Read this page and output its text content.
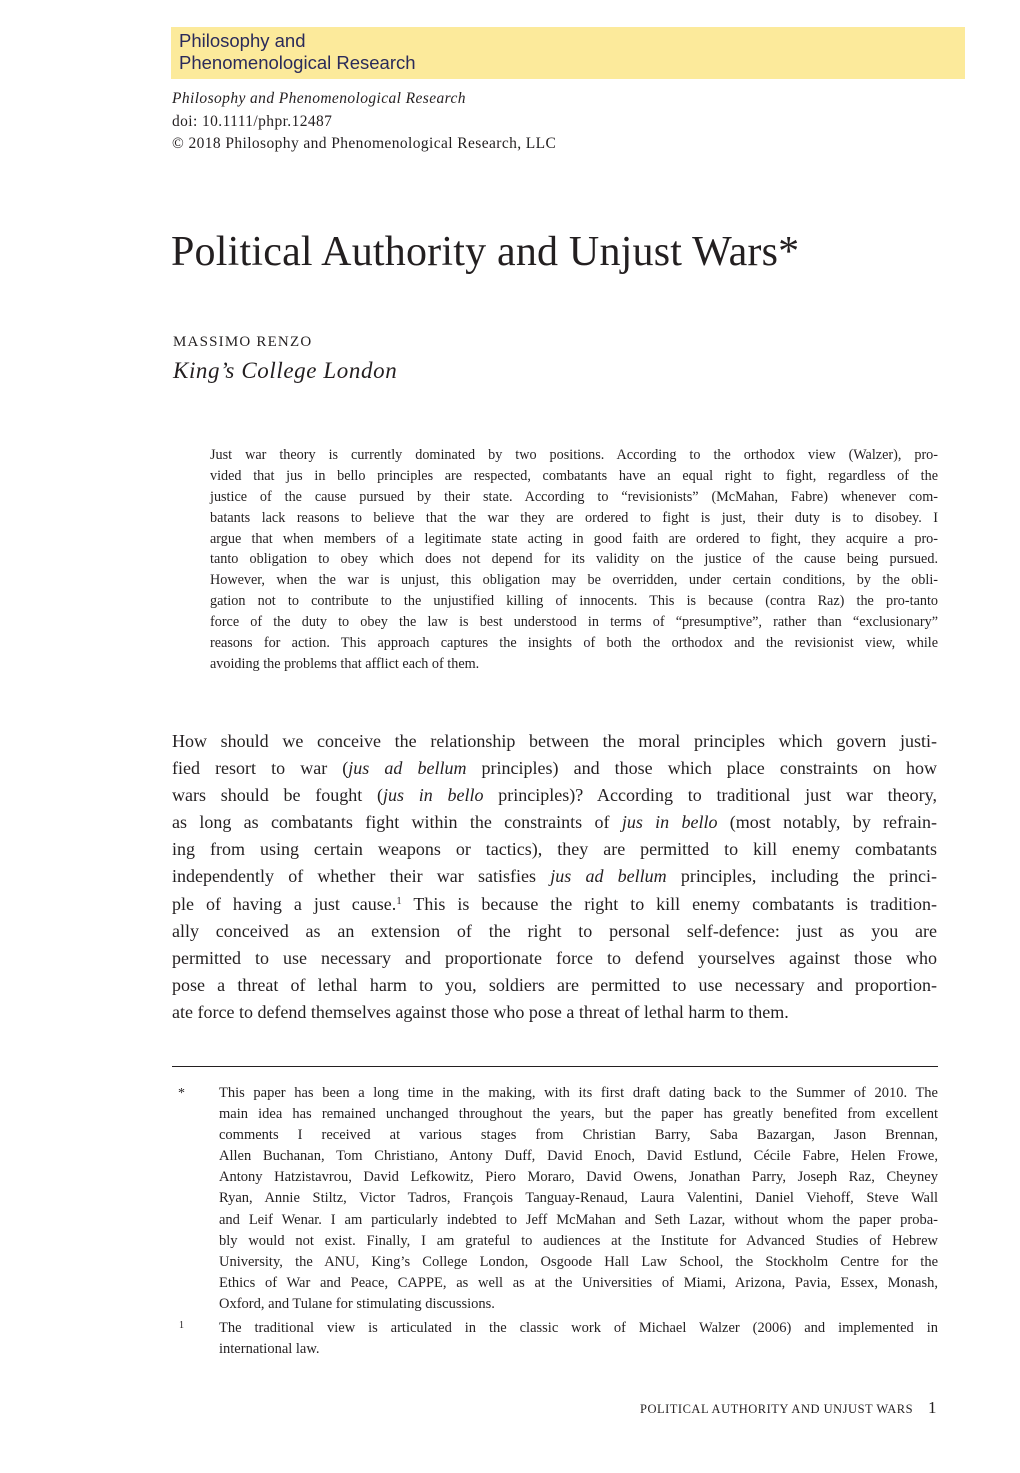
Philosophy and
Phenomenological Research
Philosophy and Phenomenological Research
doi: 10.1111/phpr.12487
© 2018 Philosophy and Phenomenological Research, LLC
Political Authority and Unjust Wars*
MASSIMO RENZO
King’s College London
Just war theory is currently dominated by two positions. According to the orthodox view (Walzer), pro-
vided that jus in bello principles are respected, combatants have an equal right to fight, regardless of the
justice of the cause pursued by their state. According to “revisionists” (McMahan, Fabre) whenever com-
batants lack reasons to believe that the war they are ordered to fight is just, their duty is to disobey. I
argue that when members of a legitimate state acting in good faith are ordered to fight, they acquire a pro-
tanto obligation to obey which does not depend for its validity on the justice of the cause being pursued.
However, when the war is unjust, this obligation may be overridden, under certain conditions, by the obli-
gation not to contribute to the unjustified killing of innocents. This is because (contra Raz) the pro-tanto
force of the duty to obey the law is best understood in terms of “presumptive”, rather than “exclusionary”
reasons for action. This approach captures the insights of both the orthodox and the revisionist view, while
avoiding the problems that afflict each of them.
How should we conceive the relationship between the moral principles which govern justi-
fied resort to war (jus ad bellum principles) and those which place constraints on how
wars should be fought (jus in bello principles)? According to traditional just war theory,
as long as combatants fight within the constraints of jus in bello (most notably, by refrain-
ing from using certain weapons or tactics), they are permitted to kill enemy combatants
independently of whether their war satisfies jus ad bellum principles, including the princi-
ple of having a just cause.$^1$ This is because the right to kill enemy combatants is tradition-
ally conceived as an extension of the right to personal self-defence: just as you are
permitted to use necessary and proportionate force to defend yourselves against those who
pose a threat of lethal harm to you, soldiers are permitted to use necessary and proportion-
ate force to defend themselves against those who pose a threat of lethal harm to them.
* This paper has been a long time in the making, with its first draft dating back to the Summer of 2010. The
main idea has remained unchanged throughout the years, but the paper has greatly benefited from excellent
comments I received at various stages from Christian Barry, Saba Bazargan, Jason Brennan,
Allen Buchanan, Tom Christiano, Antony Duff, David Enoch, David Estlund, Cécile Fabre, Helen Frowe,
Antony Hatzistavrou, David Lefkowitz, Piero Moraro, David Owens, Jonathan Parry, Joseph Raz, Cheyney
Ryan, Annie Stiltz, Victor Tadros, François Tanguay-Renaud, Laura Valentini, Daniel Viehoff, Steve Wall
and Leif Wenar. I am particularly indebted to Jeff McMahan and Seth Lazar, without whom the paper proba-
bly would not exist. Finally, I am grateful to audiences at the Institute for Advanced Studies of Hebrew
University, the ANU, King’s College London, Osgoode Hall Law School, the Stockholm Centre for the
Ethics of War and Peace, CAPPE, as well as at the Universities of Miami, Arizona, Pavia, Essex, Monash,
Oxford, and Tulane for stimulating discussions.
1 The traditional view is articulated in the classic work of Michael Walzer (2006) and implemented in
international law.
POLITICAL AUTHORITY AND UNJUST WARS 1
